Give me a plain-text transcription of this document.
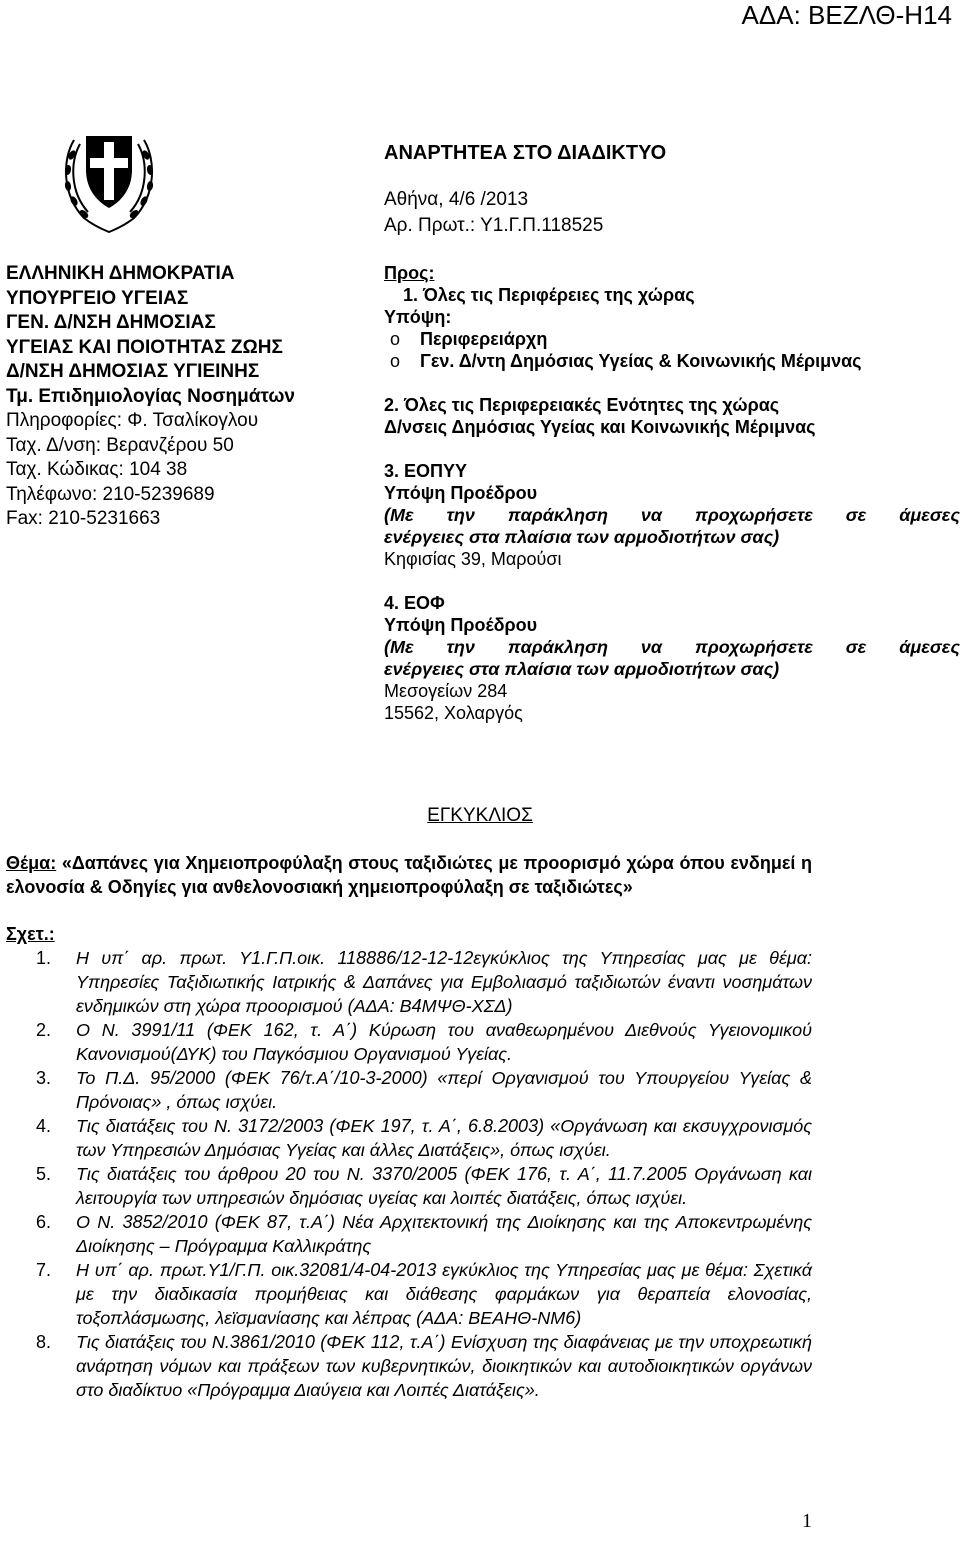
ΑΔΑ: ΒΕΖΛΘ-Η14
ΕΛΛΗΝΙΚΗ ΔΗΜΟΚΡΑΤΙΑ
ΥΠΟΥΡΓΕΙΟ ΥΓΕΙΑΣ
ΓΕΝ. Δ/ΝΣΗ ΔΗΜΟΣΙΑΣ
ΥΓΕΙΑΣ ΚΑΙ ΠΟΙΟΤΗΤΑΣ ΖΩΗΣ
Δ/ΝΣΗ ΔΗΜΟΣΙΑΣ ΥΓΙΕΙΝΗΣ
Τμ. Επιδημιολογίας Νοσημάτων
Πληροφορίες: Φ. Τσαλίκογλου
Ταχ. Δ/νση: Βερανζέρου 50
Ταχ. Κώδικας: 104 38
Τηλέφωνο: 210-5239689
Fax: 210-5231663
ΑΝΑΡΤΗΤΕΑ ΣΤΟ ΔΙΑΔΙΚΤΥΟ
Αθήνα, 4/6 /2013
Αρ. Πρωτ.: Υ1.Γ.Π.118525
Προς:
1. Όλες τις Περιφέρειες της χώρας
Υπόψη:
o Περιφερειάρχη
o Γεν. Δ/ντη Δημόσιας Υγείας & Κοινωνικής Μέριμνας
2. Όλες τις Περιφερειακές Ενότητες της χώρας
Δ/νσεις Δημόσιας Υγείας και Κοινωνικής Μέριμνας
3. ΕΟΠΥΥ
Υπόψη Προέδρου
(Με την παράκληση να προχωρήσετε σε άμεσες
ενέργειες στα πλαίσια των αρμοδιοτήτων σας)
Κηφισίας 39, Μαρούσι
4. ΕΟΦ
Υπόψη Προέδρου
(Με την παράκληση να προχωρήσετε σε άμεσες
ενέργειες στα πλαίσια των αρμοδιοτήτων σας)
Μεσογείων 284
15562, Χολαργός
ΕΓΚΥΚΛΙΟΣ
Θέμα: «Δαπάνες για Χημειοπροφύλαξη στους ταξιδιώτες με προορισμό χώρα όπου ενδημεί η ελονοσία & Οδηγίες για ανθελονοσιακή χημειοπροφύλαξη σε ταξιδιώτες»
Σχετ.:
1.	Η υπ΄ αρ. πρωτ. Υ1.Γ.Π.οικ. 118886/12-12-12εγκύκλιος της Υπηρεσίας μας με θέμα: Υπηρεσίες Ταξιδιωτικής Ιατρικής & Δαπάνες για Εμβολιασμό ταξιδιωτών έναντι νοσημάτων ενδημικών στη χώρα προορισμού (ΑΔΑ: Β4ΜΨΘ-ΧΣΔ)
2.	Ο Ν. 3991/11 (ΦΕΚ 162, τ. Α΄) Κύρωση του αναθεωρημένου Διεθνούς Υγειονομικού Κανονισμού(ΔΥΚ) του Παγκόσμιου Οργανισμού Υγείας.
3.	Το Π.Δ. 95/2000 (ΦΕΚ 76/τ.Α΄/10-3-2000) «περί Οργανισμού του Υπουργείου Υγείας & Πρόνοιας» , όπως ισχύει.
4.	Τις διατάξεις του Ν. 3172/2003 (ΦΕΚ 197, τ. Α΄, 6.8.2003) «Οργάνωση και εκσυγχρονισμός των Υπηρεσιών Δημόσιας Υγείας και άλλες Διατάξεις», όπως ισχύει.
5.	Τις διατάξεις του άρθρου 20 του Ν. 3370/2005 (ΦΕΚ 176, τ. Α΄, 11.7.2005 Οργάνωση και λειτουργία των υπηρεσιών δημόσιας υγείας και λοιπές διατάξεις, όπως ισχύει.
6.	Ο Ν. 3852/2010 (ΦΕΚ 87, τ.Α΄) Νέα Αρχιτεκτονική της Διοίκησης και της Αποκεντρωμένης Διοίκησης – Πρόγραμμα Καλλικράτης
7.	Η υπ΄ αρ. πρωτ.Υ1/Γ.Π. οικ.32081/4-04-2013 εγκύκλιος της Υπηρεσίας μας με θέμα: Σχετικά με την διαδικασία προμήθειας και διάθεσης φαρμάκων για θεραπεία ελονοσίας, τοξοπλάσμωσης, λεϊσμανίασης και λέπρας (ΑΔΑ: ΒΕΑΗΘ-ΝΜ6)
8.	Τις διατάξεις του Ν.3861/2010 (ΦΕΚ 112, τ.Α΄) Ενίσχυση της διαφάνειας με την υποχρεωτική ανάρτηση νόμων και πράξεων των κυβερνητικών, διοικητικών και αυτοδιοικητικών οργάνων στο διαδίκτυο «Πρόγραμμα Διαύγεια και Λοιπές Διατάξεις».
1
